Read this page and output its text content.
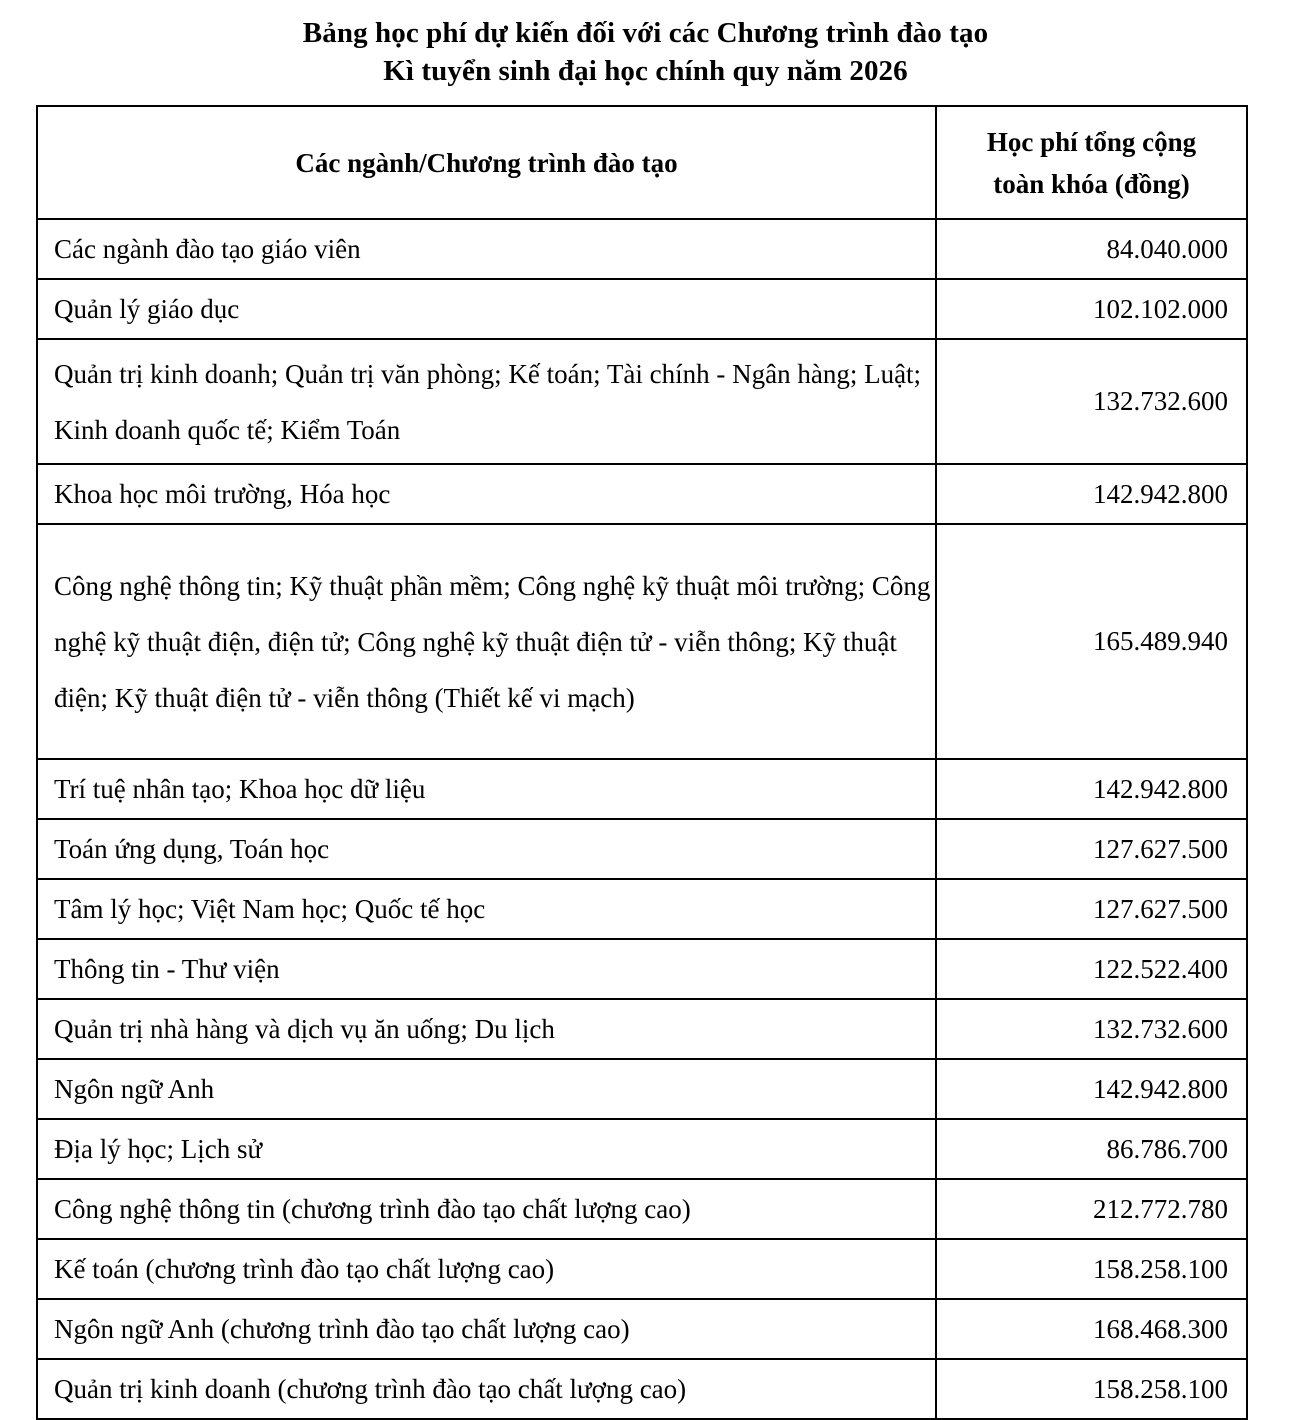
Bảng học phí dự kiến đối với các Chương trình đào tạo
Kì tuyển sinh đại học chính quy năm 2026
Các ngành/Chương trình đào tạo	Học phí tổng cộng
toàn khóa (đồng)

Các ngành đào tạo giáo viên	84.040.000
Quản lý giáo dục	102.102.000
Quản trị kinh doanh; Quản trị văn phòng; Kế toán; Tài chính - Ngân hàng; Luật; Kinh doanh quốc tế; Kiểm Toán	132.732.600
Khoa học môi trường, Hóa học	142.942.800
Công nghệ thông tin; Kỹ thuật phần mềm; Công nghệ kỹ thuật môi trường; Công nghệ kỹ thuật điện, điện tử; Công nghệ kỹ thuật điện tử - viễn thông; Kỹ thuật điện; Kỹ thuật điện tử - viễn thông (Thiết kế vi mạch)	165.489.940
Trí tuệ nhân tạo; Khoa học dữ liệu	142.942.800
Toán ứng dụng, Toán học	127.627.500
Tâm lý học; Việt Nam học; Quốc tế học	127.627.500
Thông tin - Thư viện	122.522.400
Quản trị nhà hàng và dịch vụ ăn uống; Du lịch	132.732.600
Ngôn ngữ Anh	142.942.800
Địa lý học; Lịch sử	86.786.700
Công nghệ thông tin (chương trình đào tạo chất lượng cao)	212.772.780
Kế toán (chương trình đào tạo chất lượng cao)	158.258.100
Ngôn ngữ Anh (chương trình đào tạo chất lượng cao)	168.468.300
Quản trị kinh doanh (chương trình đào tạo chất lượng cao)	158.258.100
